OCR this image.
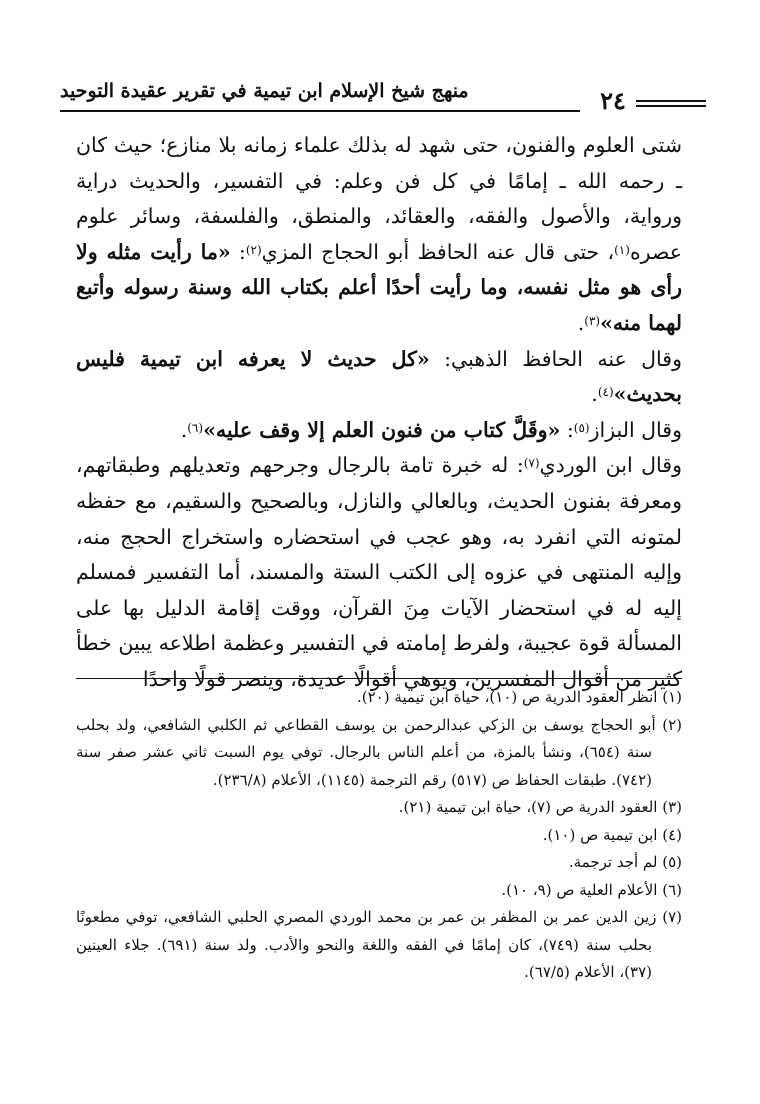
منهج شيخ الإسلام ابن تيمية في تقرير عقيدة التوحيد	٢٤

شتى العلوم والفنون، حتى شهد له بذلك علماء زمانه بلا منازع؛ حيث كان ـ رحمه الله ـ إمامًا في كل فن وعلم: في التفسير، والحديث دراية ورواية، والأصول والفقه، والعقائد، والمنطق، والفلسفة، وسائر علوم عصره$^{(١)}$، حتى قال عنه الحافظ أبو الحجاج المزي$^{(٢)}$: «ما رأيت مثله ولا رأى هو مثل نفسه، وما رأيت أحدًا أعلم بكتاب الله وسنة رسوله وأتبع لهما منه»$^{(٣)}$.

وقال عنه الحافظ الذهبي: «كل حديث لا يعرفه ابن تيمية فليس بحديث»$^{(٤)}$.

وقال البزاز$^{(٥)}$: «وقَلَّ كتاب من فنون العلم إلا وقف عليه»$^{(٦)}$.

وقال ابن الوردي$^{(٧)}$: له خبرة تامة بالرجال وجرحهم وتعديلهم وطبقاتهم، ومعرفة بفنون الحديث، وبالعالي والنازل، وبالصحيح والسقيم، مع حفظه لمتونه التي انفرد به، وهو عجب في استحضاره واستخراج الحجج منه، وإليه المنتهى في عزوه إلى الكتب الستة والمسند، أما التفسير فمسلم إليه له في استحضار الآيات مِنَ القرآن، ووقت إقامة الدليل بها على المسألة قوة عجيبة، ولفرط إمامته في التفسير وعظمة اطلاعه يبين خطأ كثير من أقوال المفسرين، ويوهي أقوالًا عديدة، وينصر قولًا واحدًا

(١) انظر العقود الدرية ص (١٠)، حياة ابن تيمية (٢٠).

(٢) أبو الحجاج يوسف بن الزكي عبدالرحمن بن يوسف القطاعي ثم الكلبي الشافعي، ولد بحلب سنة (٦٥٤)، ونشأ بالمزة، من أعلم الناس بالرجال. توفي يوم السبت ثاني عشر صفر سنة (٧٤٢). طبقات الحفاظ ص (٥١٧) رقم الترجمة (١١٤٥)، الأعلام (٢٣٦/٨).

(٣) العقود الدرية ص (٧)، حياة ابن تيمية (٢١).

(٤) ابن تيمية ص (١٠).

(٥) لم أجد ترجمة.

(٦) الأعلام العلية ص (٩، ١٠).

(٧) زين الدين عمر بن المظفر بن عمر بن محمد الوردي المصري الحلبي الشافعي، توفي مطعونًا بحلب سنة (٧٤٩)، كان إمامًا في الفقه واللغة والنحو والأدب. ولد سنة (٦٩١). جلاء العينين (٣٧)، الأعلام (٦٧/٥).
